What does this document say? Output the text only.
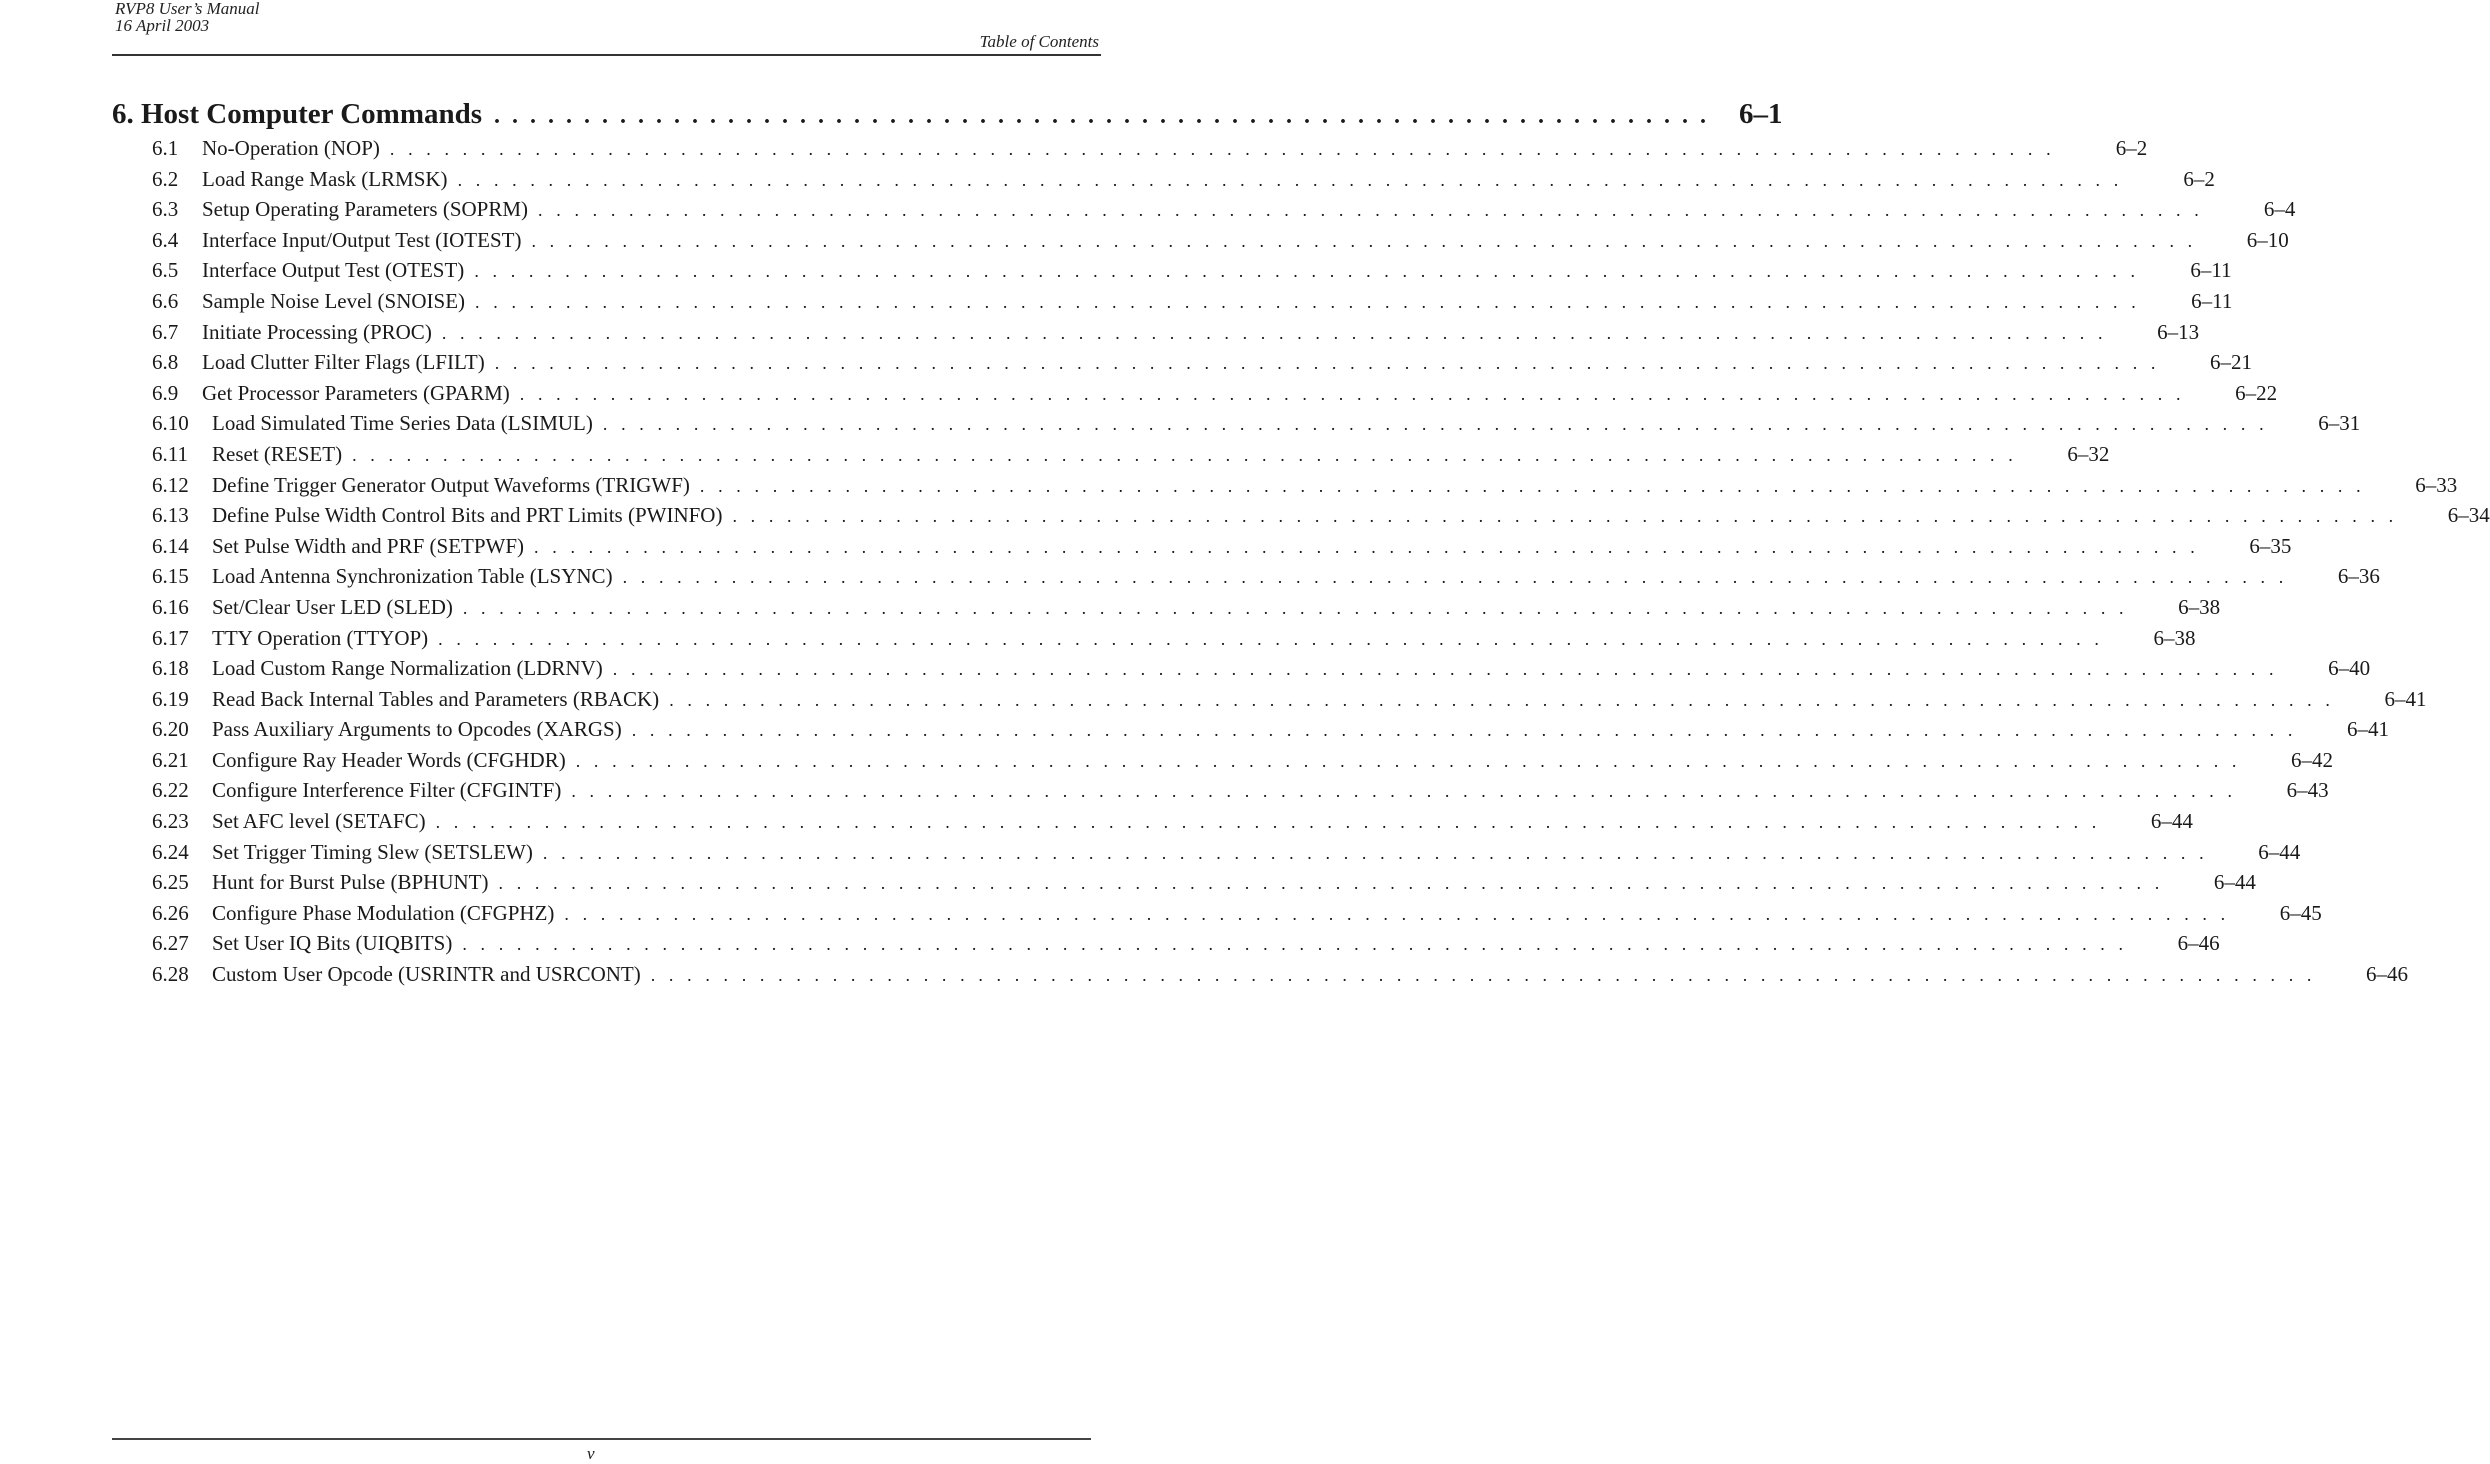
RVP8 User’s Manual
16 April 2003
Table of Contents
6. Host Computer Commands . . . . . . . . . . . . . . . . . . . . . . . . . . . . . . . . . . . . . . . . . . . . . . . . . . . . . . . . . . . . . . . . . . . . 6–1
6.1	No-Operation (NOP) . . . . . . . . . . . . . . . . . . . . . . . . . . . . . . . . . . . . . . . . . . . . . . . . . . . . . . . . . . . . . . . . . . . . . . . . . . . . . . . . . . . . . . . . . . . .	6–2
6.2	Load Range Mask (LRMSK) . . . . . . . . . . . . . . . . . . . . . . . . . . . . . . . . . . . . . . . . . . . . . . . . . . . . . . . . . . . . . . . . . . . . . . . . . . . . . . . . . . . . . . . . . . . .	6–2
6.3	Setup Operating Parameters (SOPRM) . . . . . . . . . . . . . . . . . . . . . . . . . . . . . . . . . . . . . . . . . . . . . . . . . . . . . . . . . . . . . . . . . . . . . . . . . . . . . . . . . . . . . . . . . . . .	6–4
6.4	Interface Input/Output Test (IOTEST) . . . . . . . . . . . . . . . . . . . . . . . . . . . . . . . . . . . . . . . . . . . . . . . . . . . . . . . . . . . . . . . . . . . . . . . . . . . . . . . . . . . . . . . . . . . .	6–10
6.5	Interface Output Test (OTEST) . . . . . . . . . . . . . . . . . . . . . . . . . . . . . . . . . . . . . . . . . . . . . . . . . . . . . . . . . . . . . . . . . . . . . . . . . . . . . . . . . . . . . . . . . . . .	6–11
6.6	Sample Noise Level (SNOISE) . . . . . . . . . . . . . . . . . . . . . . . . . . . . . . . . . . . . . . . . . . . . . . . . . . . . . . . . . . . . . . . . . . . . . . . . . . . . . . . . . . . . . . . . . . . .	6–11
6.7	Initiate Processing (PROC) . . . . . . . . . . . . . . . . . . . . . . . . . . . . . . . . . . . . . . . . . . . . . . . . . . . . . . . . . . . . . . . . . . . . . . . . . . . . . . . . . . . . . . . . . . . .	6–13
6.8	Load Clutter Filter Flags (LFILT) . . . . . . . . . . . . . . . . . . . . . . . . . . . . . . . . . . . . . . . . . . . . . . . . . . . . . . . . . . . . . . . . . . . . . . . . . . . . . . . . . . . . . . . . . . . .	6–21
6.9	Get Processor Parameters (GPARM) . . . . . . . . . . . . . . . . . . . . . . . . . . . . . . . . . . . . . . . . . . . . . . . . . . . . . . . . . . . . . . . . . . . . . . . . . . . . . . . . . . . . . . . . . . . .	6–22
6.10	Load Simulated Time Series Data (LSIMUL) . . . . . . . . . . . . . . . . . . . . . . . . . . . . . . . . . . . . . . . . . . . . . . . . . . . . . . . . . . . . . . . . . . . . . . . . . . . . . . . . . . . . . . . . . . . .	6–31
6.11	Reset (RESET) . . . . . . . . . . . . . . . . . . . . . . . . . . . . . . . . . . . . . . . . . . . . . . . . . . . . . . . . . . . . . . . . . . . . . . . . . . . . . . . . . . . . . . . . . . . .	6–32
6.12	Define Trigger Generator Output Waveforms (TRIGWF) . . . . . . . . . . . . . . . . . . . . . . . . . . . . . . . . . . . . . . . . . . . . . . . . . . . . . . . . . . . . . . . . . . . . . . . . . . . . . . . . . . . . . . . . . . . .	6–33
6.13	Define Pulse Width Control Bits and PRT Limits (PWINFO) . . . . . . . . . . . . . . . . . . . . . . . . . . . . . . . . . . . . . . . . . . . . . . . . . . . . . . . . . . . . . . . . . . . . . . . . . . . . . . . . . . . . . . . . . . . .	6–34
6.14	Set Pulse Width and PRF (SETPWF) . . . . . . . . . . . . . . . . . . . . . . . . . . . . . . . . . . . . . . . . . . . . . . . . . . . . . . . . . . . . . . . . . . . . . . . . . . . . . . . . . . . . . . . . . . . .	6–35
6.15	Load Antenna Synchronization Table (LSYNC) . . . . . . . . . . . . . . . . . . . . . . . . . . . . . . . . . . . . . . . . . . . . . . . . . . . . . . . . . . . . . . . . . . . . . . . . . . . . . . . . . . . . . . . . . . . .	6–36
6.16	Set/Clear User LED (SLED) . . . . . . . . . . . . . . . . . . . . . . . . . . . . . . . . . . . . . . . . . . . . . . . . . . . . . . . . . . . . . . . . . . . . . . . . . . . . . . . . . . . . . . . . . . . .	6–38
6.17	TTY Operation (TTYOP) . . . . . . . . . . . . . . . . . . . . . . . . . . . . . . . . . . . . . . . . . . . . . . . . . . . . . . . . . . . . . . . . . . . . . . . . . . . . . . . . . . . . . . . . . . . .	6–38
6.18	Load Custom Range Normalization (LDRNV) . . . . . . . . . . . . . . . . . . . . . . . . . . . . . . . . . . . . . . . . . . . . . . . . . . . . . . . . . . . . . . . . . . . . . . . . . . . . . . . . . . . . . . . . . . . .	6–40
6.19	Read Back Internal Tables and Parameters (RBACK) . . . . . . . . . . . . . . . . . . . . . . . . . . . . . . . . . . . . . . . . . . . . . . . . . . . . . . . . . . . . . . . . . . . . . . . . . . . . . . . . . . . . . . . . . . . .	6–41
6.20	Pass Auxiliary Arguments to Opcodes (XARGS) . . . . . . . . . . . . . . . . . . . . . . . . . . . . . . . . . . . . . . . . . . . . . . . . . . . . . . . . . . . . . . . . . . . . . . . . . . . . . . . . . . . . . . . . . . . .	6–41
6.21	Configure Ray Header Words (CFGHDR) . . . . . . . . . . . . . . . . . . . . . . . . . . . . . . . . . . . . . . . . . . . . . . . . . . . . . . . . . . . . . . . . . . . . . . . . . . . . . . . . . . . . . . . . . . . .	6–42
6.22	Configure Interference Filter (CFGINTF) . . . . . . . . . . . . . . . . . . . . . . . . . . . . . . . . . . . . . . . . . . . . . . . . . . . . . . . . . . . . . . . . . . . . . . . . . . . . . . . . . . . . . . . . . . . .	6–43
6.23	Set AFC level (SETAFC) . . . . . . . . . . . . . . . . . . . . . . . . . . . . . . . . . . . . . . . . . . . . . . . . . . . . . . . . . . . . . . . . . . . . . . . . . . . . . . . . . . . . . . . . . . . .	6–44
6.24	Set Trigger Timing Slew (SETSLEW) . . . . . . . . . . . . . . . . . . . . . . . . . . . . . . . . . . . . . . . . . . . . . . . . . . . . . . . . . . . . . . . . . . . . . . . . . . . . . . . . . . . . . . . . . . . .	6–44
6.25	Hunt for Burst Pulse (BPHUNT) . . . . . . . . . . . . . . . . . . . . . . . . . . . . . . . . . . . . . . . . . . . . . . . . . . . . . . . . . . . . . . . . . . . . . . . . . . . . . . . . . . . . . . . . . . . .	6–44
6.26	Configure Phase Modulation (CFGPHZ) . . . . . . . . . . . . . . . . . . . . . . . . . . . . . . . . . . . . . . . . . . . . . . . . . . . . . . . . . . . . . . . . . . . . . . . . . . . . . . . . . . . . . . . . . . . .	6–45
6.27	Set User IQ Bits (UIQBITS) . . . . . . . . . . . . . . . . . . . . . . . . . . . . . . . . . . . . . . . . . . . . . . . . . . . . . . . . . . . . . . . . . . . . . . . . . . . . . . . . . . . . . . . . . . . .	6–46
6.28	Custom User Opcode (USRINTR and USRCONT) . . . . . . . . . . . . . . . . . . . . . . . . . . . . . . . . . . . . . . . . . . . . . . . . . . . . . . . . . . . . . . . . . . . . . . . . . . . . . . . . . . . . . . . . . . . .	6–46
v
